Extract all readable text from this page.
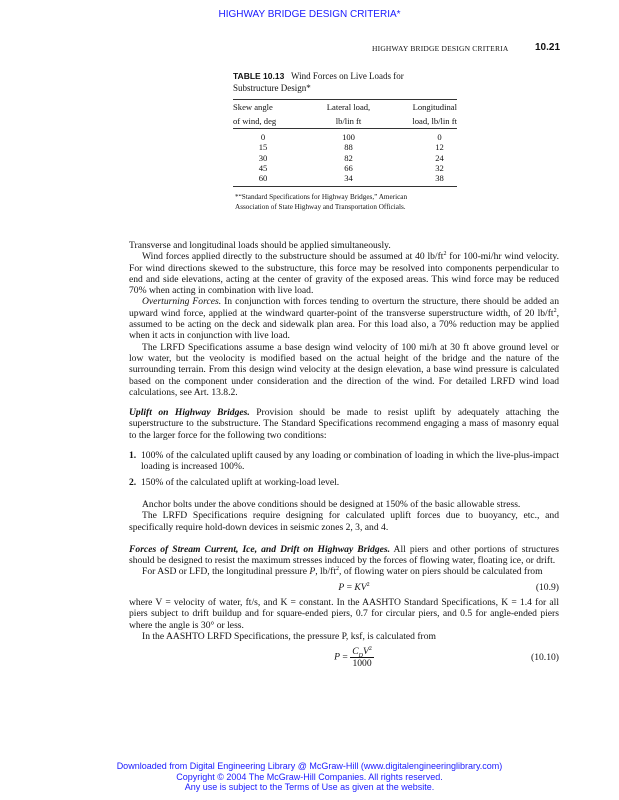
HIGHWAY BRIDGE DESIGN CRITERIA*
HIGHWAY BRIDGE DESIGN CRITERIA	10.21
TABLE 10.13 Wind Forces on Live Loads for
Substructure Design*
Skew angle	Lateral load,	Longitudinal
of wind, deg	lb/lin ft	load, lb/lin ft
0	100	0
15	88	12
30	82	24
45	66	32
60	34	38
*“Standard Specifications for Highway Bridges,” American
Association of State Highway and Transportation Officials.

Transverse and longitudinal loads should be applied simultaneously.

Wind forces applied directly to the substructure should be assumed at 40 $lb/ft^2$ for 100-mi/hr wind velocity. For wind directions skewed to the substructure, this force may be resolved into components perpendicular to end and side elevations, acting at the center of gravity of the exposed areas. This wind force may be reduced 70% when acting in combination with live load.

Overturning Forces. In conjunction with forces tending to overturn the structure, there should be added an upward wind force, applied at the windward quarter-point of the transverse superstructure width, of 20 $lb/ft^2$, assumed to be acting on the deck and sidewalk plan area. For this load also, a 70% reduction may be applied when it acts in conjunction with live load.

The LRFD Specifications assume a base design wind velocity of 100 mi/h at 30 ft above ground level or low water, but the veolocity is modified based on the actual height of the bridge and the nature of the surrounding terrain. From this design wind velocity at the design elevation, a base wind pressure is calculated based on the component under consideration and the direction of the wind. For detailed LRFD wind load calculations, see Art. 13.8.2.

Uplift on Highway Bridges. Provision should be made to resist uplift by adequately attaching the superstructure to the substructure. The Standard Specifications recommend engaging a mass of masonry equal to the larger force for the following two conditions:

1. 100% of the calculated uplift caused by any loading or combination of loading in which the live-plus-impact loading is increased 100%.
2. 150% of the calculated uplift at working-load level.

Anchor bolts under the above conditions should be designed at 150% of the basic allowable stress.

The LRFD Specifications require designing for calculated uplift forces due to buoyancy, etc., and specifically require hold-down devices in seismic zones 2, 3, and 4.

Forces of Stream Current, Ice, and Drift on Highway Bridges. All piers and other portions of structures should be designed to resist the maximum stresses induced by the forces of flowing water, floating ice, or drift.

For ASD or LFD, the longitudinal pressure P, $lb/ft^2$, of flowing water on piers should be calculated from

$P = KV^2$	(10.9)

where V = velocity of water, ft/s, and K = constant. In the AASHTO Standard Specifications, K = 1.4 for all piers subject to drift buildup and for square-ended piers, 0.7 for circular piers, and 0.5 for angle-ended piers where the angle is 30° or less.

In the AASHTO LRFD Specifications, the pressure P, ksf, is calculated from

$P = \frac{C_DV^2}{1000}$	(10.10)
Downloaded from Digital Engineering Library @ McGraw-Hill (www.digitalengineeringlibrary.com)
Copyright © 2004 The McGraw-Hill Companies. All rights reserved.
Any use is subject to the Terms of Use as given at the website.
